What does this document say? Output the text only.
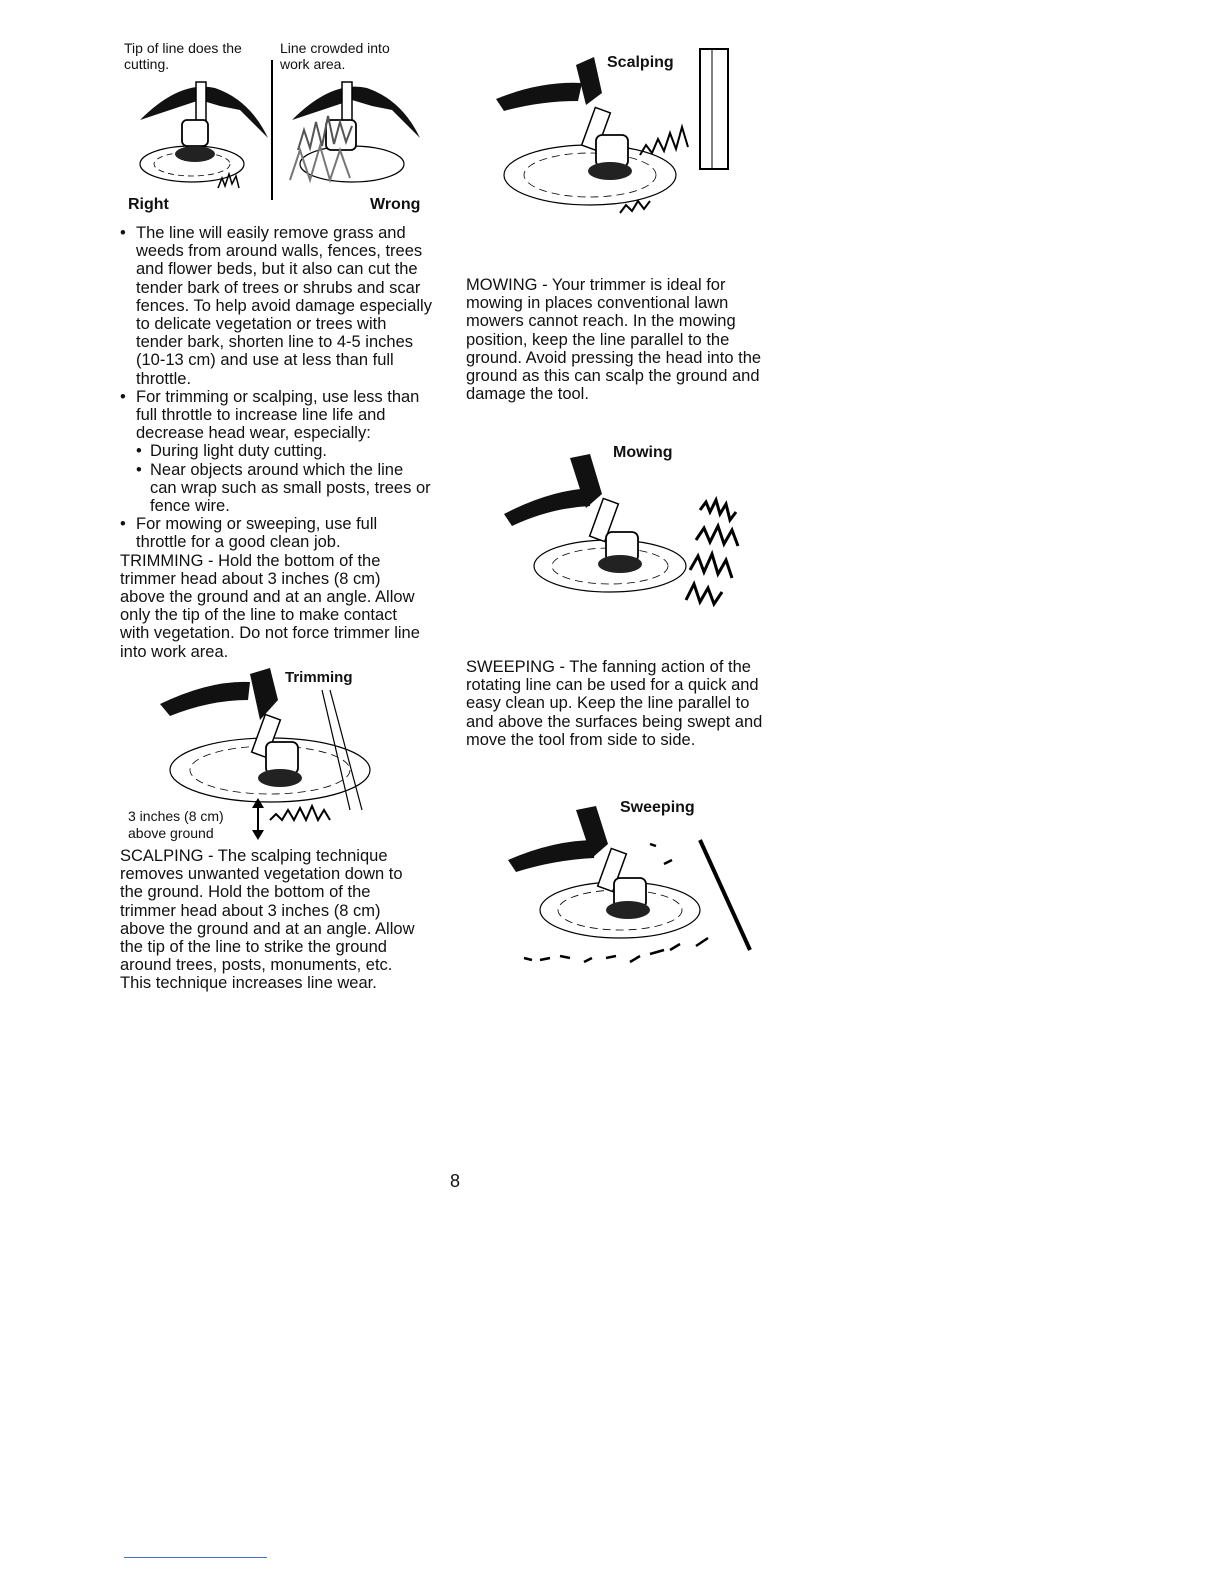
Tip of line does the cutting.
Line crowded into work area.
Right	Wrong
• The line will easily remove grass and weeds from around walls, fences, trees and flower beds, but it also can cut the tender bark of trees or shrubs and scar fences. To help avoid damage especially to delicate vegetation or trees with tender bark, shorten line to 4-5 inches (10-13 cm) and use at less than full throttle.
• For trimming or scalping, use less than full throttle to increase line life and decrease head wear, especially:
• During light duty cutting.
• Near objects around which the line can wrap such as small posts, trees or fence wire.
• For mowing or sweeping, use full throttle for a good clean job.
TRIMMING - Hold the bottom of the trimmer head about 3 inches (8 cm) above the ground and at an angle. Allow only the tip of the line to make contact with vegetation. Do not force trimmer line into work area.
Trimming
3 inches (8 cm)
above ground
SCALPING - The scalping technique removes unwanted vegetation down to the ground. Hold the bottom of the trimmer head about 3 inches (8 cm) above the ground and at an angle. Allow the tip of the line to strike the ground around trees, posts, monuments, etc. This technique increases line wear.
Scalping
MOWING - Your trimmer is ideal for mowing in places conventional lawn mowers cannot reach. In the mowing position, keep the line parallel to the ground. Avoid pressing the head into the ground as this can scalp the ground and damage the tool.
Mowing
SWEEPING - The fanning action of the rotating line can be used for a quick and easy clean up. Keep the line parallel to and above the surfaces being swept and move the tool from side to side.
Sweeping
8
